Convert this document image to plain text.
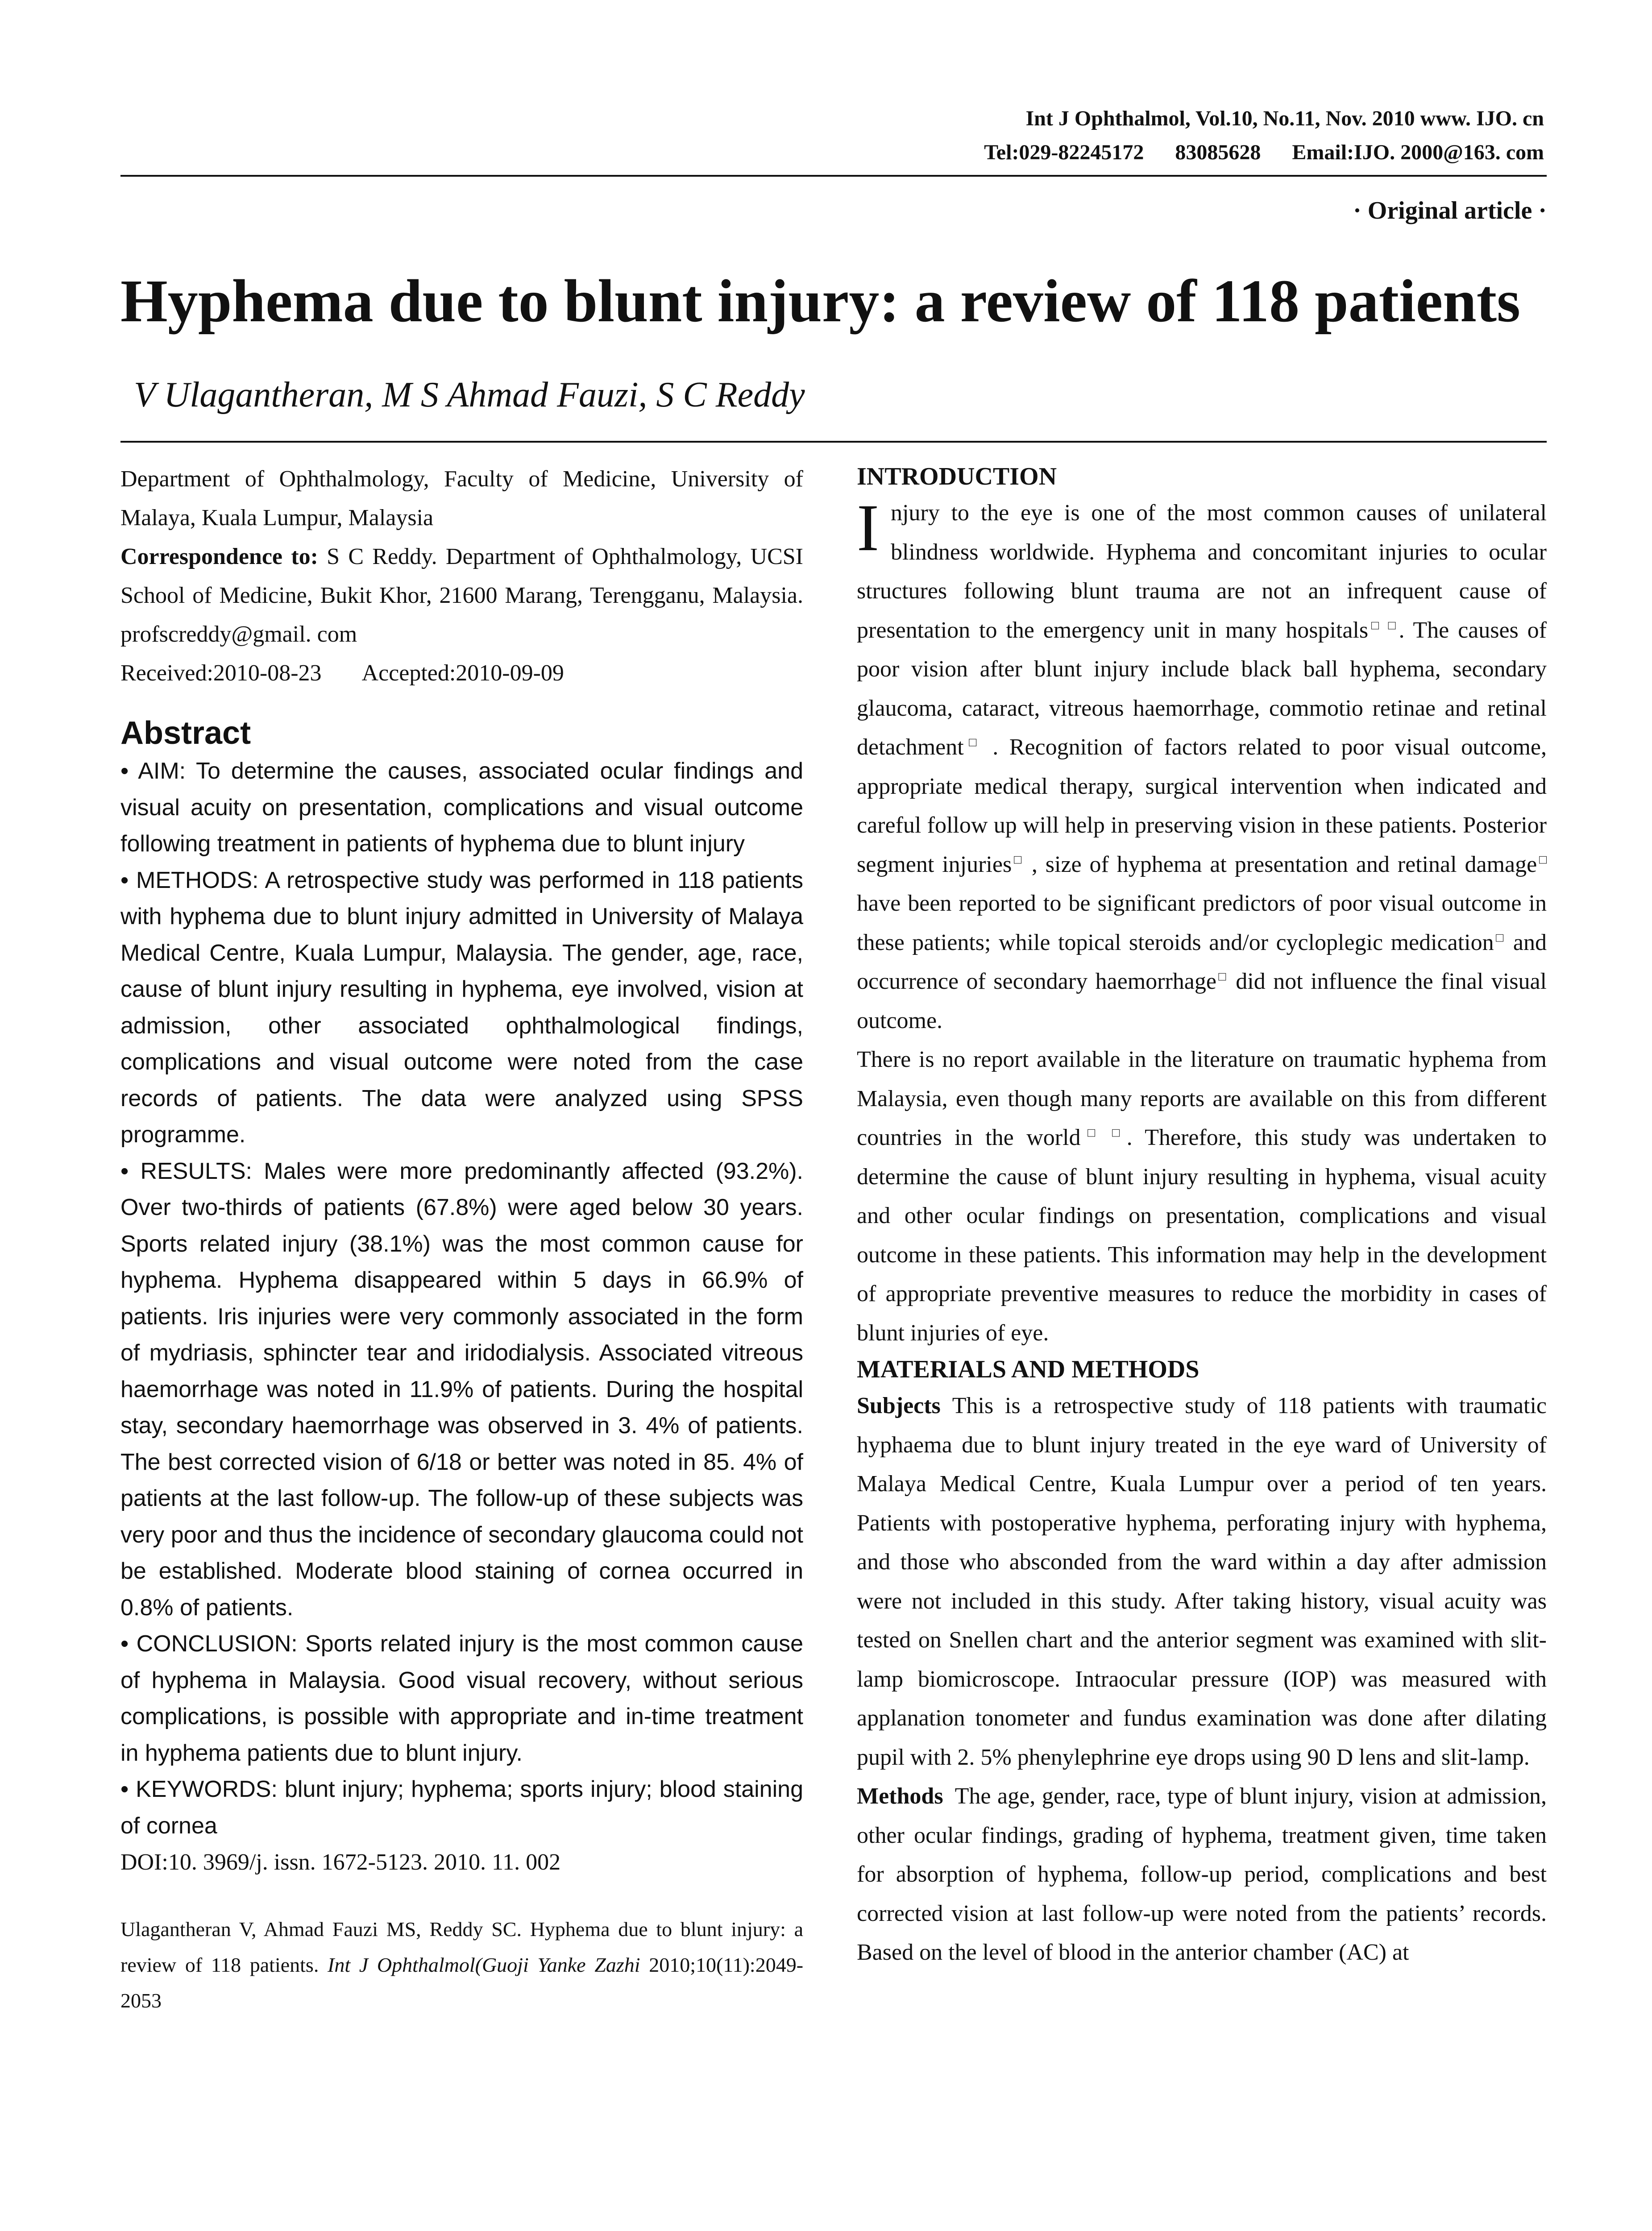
Int J Ophthalmol, Vol.10, No.11, Nov. 2010 www. IJO. cn
Tel:029-82245172 83085628 Email:IJO. 2000@163. com
· Original article ·
Hyphema due to blunt injury: a review of 118 patients
V Ulagantheran, M S Ahmad Fauzi, S C Reddy

Department of Ophthalmology, Faculty of Medicine, University of Malaya, Kuala Lumpur, Malaysia

Correspondence to: S C Reddy. Department of Ophthalmology, UCSI School of Medicine, Bukit Khor, 21600 Marang, Terengganu, Malaysia. profscreddy@gmail. com

Received:2010-08-23 Accepted:2010-09-09

Abstract

• AIM: To determine the causes, associated ocular findings and visual acuity on presentation, complications and visual outcome following treatment in patients of hyphema due to blunt injury

• METHODS: A retrospective study was performed in 118 patients with hyphema due to blunt injury admitted in University of Malaya Medical Centre, Kuala Lumpur, Malaysia. The gender, age, race, cause of blunt injury resulting in hyphema, eye involved, vision at admission, other associated ophthalmological findings, complications and visual outcome were noted from the case records of patients. The data were analyzed using SPSS programme.

• RESULTS: Males were more predominantly affected (93.2%). Over two-thirds of patients (67.8%) were aged below 30 years. Sports related injury (38.1%) was the most common cause for hyphema. Hyphema disappeared within 5 days in 66.9% of patients. Iris injuries were very commonly associated in the form of mydriasis, sphincter tear and iridodialysis. Associated vitreous haemorrhage was noted in 11.9% of patients. During the hospital stay, secondary haemorrhage was observed in 3. 4% of patients. The best corrected vision of 6/18 or better was noted in 85. 4% of patients at the last follow-up. The follow-up of these subjects was very poor and thus the incidence of secondary glaucoma could not be established. Moderate blood staining of cornea occurred in 0.8% of patients.

• CONCLUSION: Sports related injury is the most common cause of hyphema in Malaysia. Good visual recovery, without serious complications, is possible with appropriate and in-time treatment in hyphema patients due to blunt injury.

• KEYWORDS: blunt injury; hyphema; sports injury; blood staining of cornea

DOI:10. 3969/j. issn. 1672-5123. 2010. 11. 002

Ulagantheran V, Ahmad Fauzi MS, Reddy SC. Hyphema due to blunt injury: a review of 118 patients. Int J Ophthalmol(Guoji Yanke Zazhi 2010;10(11):2049-2053

INTRODUCTION

Injury to the eye is one of the most common causes of unilateral blindness worldwide. Hyphema and concomitant injuries to ocular structures following blunt trauma are not an infrequent cause of presentation to the emergency unit in many hospitals□ □. The causes of poor vision after blunt injury include black ball hyphema, secondary glaucoma, cataract, vitreous haemorrhage, commotio retinae and retinal detachment□ . Recognition of factors related to poor visual outcome, appropriate medical therapy, surgical intervention when indicated and careful follow up will help in preserving vision in these patients. Posterior segment injuries□ , size of hyphema at presentation and retinal damage□ have been reported to be significant predictors of poor visual outcome in these patients; while topical steroids and/or cycloplegic medication□ and occurrence of secondary haemorrhage□ did not influence the final visual outcome.

There is no report available in the literature on traumatic hyphema from Malaysia, even though many reports are available on this from different countries in the world□ □. Therefore, this study was undertaken to determine the cause of blunt injury resulting in hyphema, visual acuity and other ocular findings on presentation, complications and visual outcome in these patients. This information may help in the development of appropriate preventive measures to reduce the morbidity in cases of blunt injuries of eye.

MATERIALS AND METHODS

Subjects This is a retrospective study of 118 patients with traumatic hyphaema due to blunt injury treated in the eye ward of University of Malaya Medical Centre, Kuala Lumpur over a period of ten years. Patients with postoperative hyphema, perforating injury with hyphema, and those who absconded from the ward within a day after admission were not included in this study. After taking history, visual acuity was tested on Snellen chart and the anterior segment was examined with slit-lamp biomicroscope. Intraocular pressure (IOP) was measured with applanation tonometer and fundus examination was done after dilating pupil with 2. 5% phenylephrine eye drops using 90 D lens and slit-lamp.

Methods The age, gender, race, type of blunt injury, vision at admission, other ocular findings, grading of hyphema, treatment given, time taken for absorption of hyphema, follow-up period, complications and best corrected vision at last follow-up were noted from the patients’ records. Based on the level of blood in the anterior chamber (AC) at
